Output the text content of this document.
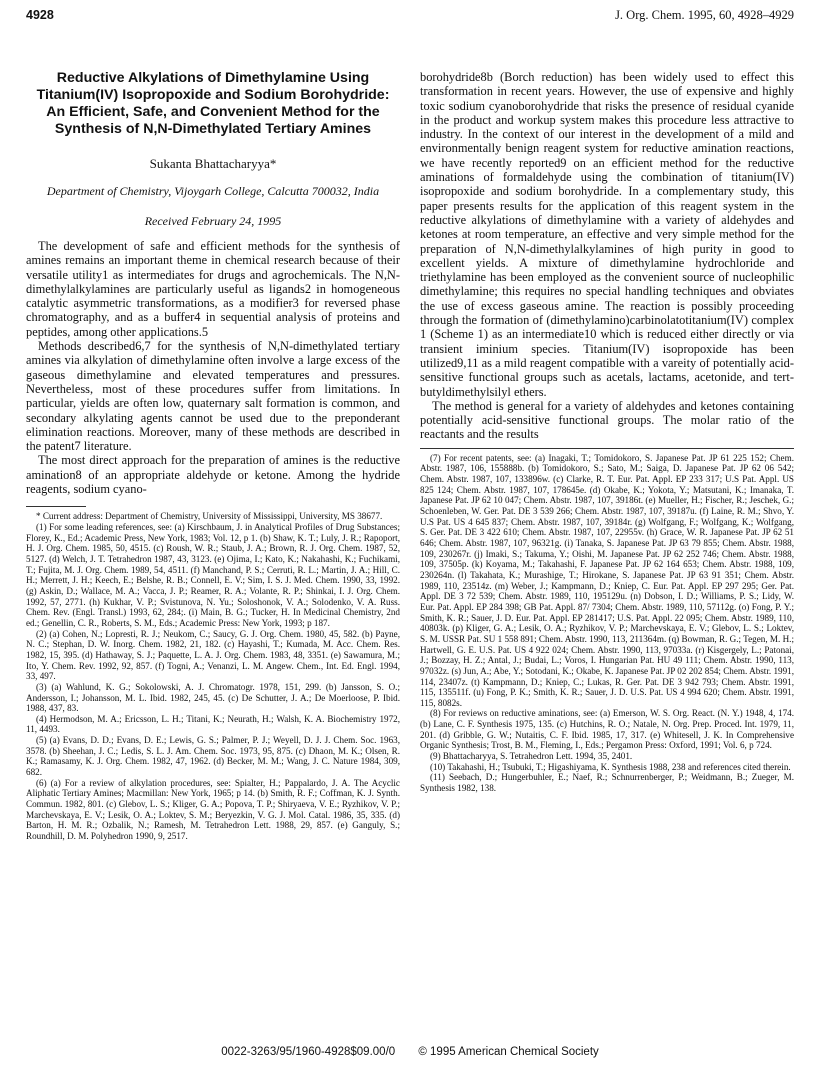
4928	J. Org. Chem. 1995, 60, 4928–4929
Reductive Alkylations of Dimethylamine Using Titanium(IV) Isopropoxide and Sodium Borohydride: An Efficient, Safe, and Convenient Method for the Synthesis of N,N-Dimethylated Tertiary Amines
Sukanta Bhattacharyya*
Department of Chemistry, Vijoygarh College, Calcutta 700032, India
Received February 24, 1995

The development of safe and efficient methods for the synthesis of amines remains an important theme in chemical research because of their versatile utility1 as intermediates for drugs and agrochemicals. The N,N-dimethylalkylamines are particularly useful as ligands2 in homogeneous catalytic asymmetric transformations, as a modifier3 for reversed phase chromatography, and as a buffer4 in sequential analysis of proteins and peptides, among other applications.5

Methods described6,7 for the synthesis of N,N-dimethylated tertiary amines via alkylation of dimethylamine often involve a large excess of the gaseous dimethylamine and elevated temperatures and pressures. Nevertheless, most of these procedures suffer from limitations. In particular, yields are often low, quaternary salt formation is common, and secondary alkylating agents cannot be used due to the preponderant elimination reactions. Moreover, many of these methods are described in the patent7 literature.

The most direct approach for the preparation of amines is the reductive amination8 of an appropriate aldehyde or ketone. Among the hydride reagents, sodium cyano-

* Current address: Department of Chemistry, University of Mississippi, University, MS 38677.

(1) For some leading references, see: (a) Kirschbaum, J. in Analytical Profiles of Drug Substances; Florey, K., Ed.; Academic Press, New York, 1983; Vol. 12, p 1. (b) Shaw, K. T.; Luly, J. R.; Rapoport, H. J. Org. Chem. 1985, 50, 4515. (c) Roush, W. R.; Staub, J. A.; Brown, R. J. Org. Chem. 1987, 52, 5127. (d) Welch, J. T. Tetrahedron 1987, 43, 3123. (e) Ojima, I.; Kato, K.; Nakahashi, K.; Fuchikami, T.; Fujita, M. J. Org. Chem. 1989, 54, 4511. (f) Manchand, P. S.; Cerruti, R. L.; Martin, J. A.; Hill, C. H.; Merrett, J. H.; Keech, E.; Belshe, R. B.; Connell, E. V.; Sim, I. S. J. Med. Chem. 1990, 33, 1992. (g) Askin, D.; Wallace, M. A.; Vacca, J. P.; Reamer, R. A.; Volante, R. P.; Shinkai, I. J. Org. Chem. 1992, 57, 2771. (h) Kukhar, V. P.; Svistunova, N. Yu.; Soloshonok, V. A.; Solodenko, V. A. Russ. Chem. Rev. (Engl. Transl.) 1993, 62, 284;. (i) Main, B. G.; Tucker, H. In Medicinal Chemistry, 2nd ed.; Genellin, C. R., Roberts, S. M., Eds.; Academic Press: New York, 1993; p 187.

(2) (a) Cohen, N.; Lopresti, R. J.; Neukom, C.; Saucy, G. J. Org. Chem. 1980, 45, 582. (b) Payne, N. C.; Stephan, D. W. Inorg. Chem. 1982, 21, 182. (c) Hayashi, T.; Kumada, M. Acc. Chem. Res. 1982, 15, 395. (d) Hathaway, S. J.; Paquette, L. A. J. Org. Chem. 1983, 48, 3351. (e) Sawamura, M.; Ito, Y. Chem. Rev. 1992, 92, 857. (f) Togni, A.; Venanzi, L. M. Angew. Chem., Int. Ed. Engl. 1994, 33, 497.

(3) (a) Wahlund, K. G.; Sokolowski, A. J. Chromatogr. 1978, 151, 299. (b) Jansson, S. O.; Andersson, I.; Johansson, M. L. Ibid. 1982, 245, 45. (c) De Schutter, J. A.; De Moerloose, P. Ibid. 1988, 437, 83.

(4) Hermodson, M. A.; Ericsson, L. H.; Titani, K.; Neurath, H.; Walsh, K. A. Biochemistry 1972, 11, 4493.

(5) (a) Evans, D. D.; Evans, D. E.; Lewis, G. S.; Palmer, P. J.; Weyell, D. J. J. Chem. Soc. 1963, 3578. (b) Sheehan, J. C.; Ledis, S. L. J. Am. Chem. Soc. 1973, 95, 875. (c) Dhaon, M. K.; Olsen, R. K.; Ramasamy, K. J. Org. Chem. 1982, 47, 1962. (d) Becker, M. M.; Wang, J. C. Nature 1984, 309, 682.

(6) (a) For a review of alkylation procedures, see: Spialter, H.; Pappalardo, J. A. The Acyclic Aliphatic Tertiary Amines; Macmillan: New York, 1965; p 14. (b) Smith, R. F.; Coffman, K. J. Synth. Commun. 1982, 801. (c) Glebov, L. S.; Kliger, G. A.; Popova, T. P.; Shiryaeva, V. E.; Ryzhikov, V. P.; Marchevskaya, E. V.; Lesik, O. A.; Loktev, S. M.; Beryezkin, V. G. J. Mol. Catal. 1986, 35, 335. (d) Barton, H. M. R.; Ozbalik, N.; Ramesh, M. Tetrahedron Lett. 1988, 29, 857. (e) Ganguly, S.; Roundhill, D. M. Polyhedron 1990, 9, 2517.

borohydride8b (Borch reduction) has been widely used to effect this transformation in recent years. However, the use of expensive and highly toxic sodium cyanoborohydride that risks the presence of residual cyanide in the product and workup system makes this procedure less attractive to industry. In the context of our interest in the development of a mild and environmentally benign reagent system for reductive amination reactions, we have recently reported9 on an efficient method for the reductive aminations of formaldehyde using the combination of titanium(IV) isopropoxide and sodium borohydride. In a complementary study, this paper presents results for the application of this reagent system in the reductive alkylations of dimethylamine with a variety of aldehydes and ketones at room temperature, an effective and very simple method for the preparation of N,N-dimethylalkylamines of high purity in good to excellent yields. A mixture of dimethylamine hydrochloride and triethylamine has been employed as the convenient source of nucleophilic dimethylamine; this requires no special handling techniques and obviates the use of excess gaseous amine. The reaction is possibly proceeding through the formation of (dimethylamino)carbinolatotitanium(IV) complex 1 (Scheme 1) as an intermediate10 which is reduced either directly or via transient iminium species. Titanium(IV) isopropoxide has been utilized9,11 as a mild reagent compatible with a vareity of potentially acid-sensitive functional groups such as acetals, lactams, acetonide, and tert-butyldimethylsilyl ethers.

The method is general for a variety of aldehydes and ketones containing potentially acid-sensitive functional groups. The molar ratio of the reactants and the results

(7) For recent patents, see: (a) Inagaki, T.; Tomidokoro, S. Japanese Pat. JP 61 225 152; Chem. Abstr. 1987, 106, 155888b. (b) Tomidokoro, S.; Sato, M.; Saiga, D. Japanese Pat. JP 62 06 542; Chem. Abstr. 1987, 107, 133896w. (c) Clarke, R. T. Eur. Pat. Appl. EP 233 317; U.S Pat. Appl. US 825 124; Chem. Abstr. 1987, 107, 178645e. (d) Okabe, K.; Yokota, Y.; Matsutani, K.; Imanaka, T. Japanese Pat. JP 62 10 047; Chem. Abstr. 1987, 107, 39186t. (e) Mueller, H.; Fischer, R.; Jeschek, G.; Schoenleben, W. Ger. Pat. DE 3 539 266; Chem. Abstr. 1987, 107, 39187u. (f) Laine, R. M.; Shvo, Y. U.S Pat. US 4 645 837; Chem. Abstr. 1987, 107, 39184r. (g) Wolfgang, F.; Wolfgang, K.; Wolfgang, S. Ger. Pat. DE 3 422 610; Chem. Abstr. 1987, 107, 22955v. (h) Grace, W. R. Japanese Pat. JP 62 51 646; Chem. Abstr. 1987, 107, 96321g. (i) Tanaka, S. Japanese Pat. JP 63 79 855; Chem. Abstr. 1988, 109, 230267r. (j) Imaki, S.; Takuma, Y.; Oishi, M. Japanese Pat. JP 62 252 746; Chem. Abstr. 1988, 109, 37505p. (k) Koyama, M.; Takahashi, F. Japanese Pat. JP 62 164 653; Chem. Abstr. 1988, 109, 230264n. (l) Takahata, K.; Murashige, T.; Hirokane, S. Japanese Pat. JP 63 91 351; Chem. Abstr. 1989, 110, 23514z. (m) Weber, J.; Kampmann, D.; Kniep, C. Eur. Pat. Appl. EP 297 295; Ger. Pat. Appl. DE 3 72 539; Chem. Abstr. 1989, 110, 195129u. (n) Dobson, I. D.; Williams, P. S.; Lidy, W. Eur. Pat. Appl. EP 284 398; GB Pat. Appl. 87/ 7304; Chem. Abstr. 1989, 110, 57112g. (o) Fong, P. Y.; Smith, K. R.; Sauer, J. D. Eur. Pat. Appl. EP 281417; U.S. Pat. Appl. 22 095; Chem. Abstr. 1989, 110, 40803k. (p) Kliger, G. A.; Lesik, O. A.; Ryzhikov, V. P.; Marchevskaya, E. V.; Glebov, L. S.; Loktev, S. M. USSR Pat. SU 1 558 891; Chem. Abstr. 1990, 113, 211364m. (q) Bowman, R. G.; Tegen, M. H.; Hartwell, G. E. U.S. Pat. US 4 922 024; Chem. Abstr. 1990, 113, 97033a. (r) Kisgergely, L.; Patonai, J.; Bozzay, H. Z.; Antal, J.; Budai, L.; Voros, I. Hungarian Pat. HU 49 111; Chem. Abstr. 1990, 113, 97032z. (s) Jun, A.; Abe, Y.; Sotodani, K.; Okabe, K. Japanese Pat. JP 02 202 854; Chem. Abstr. 1991, 114, 23407z. (t) Kampmann, D.; Kniep, C.; Lukas, R. Ger. Pat. DE 3 942 793; Chem. Abstr. 1991, 115, 135511f. (u) Fong, P. K.; Smith, K. R.; Sauer, J. D. U.S. Pat. US 4 994 620; Chem. Abstr. 1991, 115, 8082s.

(8) For reviews on reductive aminations, see: (a) Emerson, W. S. Org. React. (N. Y.) 1948, 4, 174. (b) Lane, C. F. Synthesis 1975, 135. (c) Hutchins, R. O.; Natale, N. Org. Prep. Proced. Int. 1979, 11, 201. (d) Gribble, G. W.; Nutaitis, C. F. Ibid. 1985, 17, 317. (e) Whitesell, J. K. In Comprehensive Organic Synthesis; Trost, B. M., Fleming, I., Eds.; Pergamon Press: Oxford, 1991; Vol. 6, p 724.

(9) Bhattacharyya, S. Tetrahedron Lett. 1994, 35, 2401.

(10) Takahashi, H.; Tsubuki, T.; Higashiyama, K. Synthesis 1988, 238 and references cited therein.

(11) Seebach, D.; Hungerbuhler, E.; Naef, R.; Schnurrenberger, P.; Weidmann, B.; Zueger, M. Synthesis 1982, 138.

0022-3263/95/1960-4928$09.00/0 © 1995 American Chemical Society
